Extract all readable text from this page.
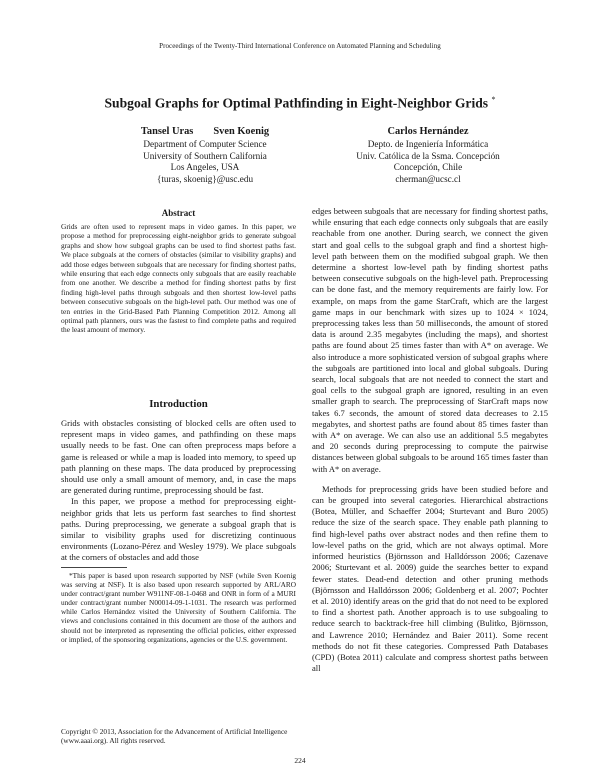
Proceedings of the Twenty-Third International Conference on Automated Planning and Scheduling
Subgoal Graphs for Optimal Pathfinding in Eight-Neighbor Grids *
Tansel Uras Sven Koenig
Department of Computer Science
University of Southern California
Los Angeles, USA
{turas, skoenig}@usc.edu
Carlos Hernández
Depto. de Ingeniería Informática
Univ. Católica de la Ssma. Concepción
Concepción, Chile
cherman@ucsc.cl
Abstract
Grids are often used to represent maps in video games. In this paper, we propose a method for preprocessing eight-neighbor grids to generate subgoal graphs and show how subgoal graphs can be used to find shortest paths fast. We place subgoals at the corners of obstacles (similar to visibility graphs) and add those edges between subgoals that are necessary for finding shortest paths, while ensuring that each edge connects only subgoals that are easily reachable from one another. We describe a method for finding shortest paths by first finding high-level paths through subgoals and then shortest low-level paths between consecutive subgoals on the high-level path. Our method was one of ten entries in the Grid-Based Path Planning Competition 2012. Among all optimal path planners, ours was the fastest to find complete paths and required the least amount of memory.
Introduction

Grids with obstacles consisting of blocked cells are often used to represent maps in video games, and pathfinding on these maps usually needs to be fast. One can often preprocess maps before a game is released or while a map is loaded into memory, to speed up path planning on these maps. The data produced by preprocessing should use only a small amount of memory, and, in case the maps are generated during runtime, preprocessing should be fast.

In this paper, we propose a method for preprocessing eight-neighbor grids that lets us perform fast searches to find shortest paths. During preprocessing, we generate a subgoal graph that is similar to visibility graphs used for discretizing continuous environments (Lozano-Pérez and Wesley 1979). We place subgoals at the corners of obstacles and add those

*This paper is based upon research supported by NSF (while Sven Koenig was serving at NSF). It is also based upon research supported by ARL/ARO under contract/grant number W911NF-08-1-0468 and ONR in form of a MURI under contract/grant number N00014-09-1-1031. The research was performed while Carlos Hernández visited the University of Southern California. The views and conclusions contained in this document are those of the authors and should not be interpreted as representing the official policies, either expressed or implied, of the sponsoring organizations, agencies or the U.S. government.

Copyright © 2013, Association for the Advancement of Artificial Intelligence (www.aaai.org). All rights reserved.

edges between subgoals that are necessary for finding shortest paths, while ensuring that each edge connects only subgoals that are easily reachable from one another. During search, we connect the given start and goal cells to the subgoal graph and find a shortest high-level path between them on the modified subgoal graph. We then determine a shortest low-level path by finding shortest paths between consecutive subgoals on the high-level path. Preprocessing can be done fast, and the memory requirements are fairly low. For example, on maps from the game StarCraft, which are the largest game maps in our benchmark with sizes up to 1024 × 1024, preprocessing takes less than 50 milliseconds, the amount of stored data is around 2.35 megabytes (including the maps), and shortest paths are found about 25 times faster than with A* on average. We also introduce a more sophisticated version of subgoal graphs where the subgoals are partitioned into local and global subgoals. During search, local subgoals that are not needed to connect the start and goal cells to the subgoal graph are ignored, resulting in an even smaller graph to search. The preprocessing of StarCraft maps now takes 6.7 seconds, the amount of stored data decreases to 2.15 megabytes, and shortest paths are found about 85 times faster than with A* on average. We can also use an additional 5.5 megabytes and 20 seconds during preprocessing to compute the pairwise distances between global subgoals to be around 165 times faster than with A* on average.

Methods for preprocessing grids have been studied before and can be grouped into several categories. Hierarchical abstractions (Botea, Müller, and Schaeffer 2004; Sturtevant and Buro 2005) reduce the size of the search space. They enable path planning to find high-level paths over abstract nodes and then refine them to low-level paths on the grid, which are not always optimal. More informed heuristics (Björnsson and Halldórsson 2006; Cazenave 2006; Sturtevant et al. 2009) guide the searches better to expand fewer states. Dead-end detection and other pruning methods (Björnsson and Halldórsson 2006; Goldenberg et al. 2007; Pochter et al. 2010) identify areas on the grid that do not need to be explored to find a shortest path. Another approach is to use subgoaling to reduce search to backtrack-free hill climbing (Bulitko, Björnsson, and Lawrence 2010; Hernández and Baier 2011). Some recent methods do not fit these categories. Compressed Path Databases (CPD) (Botea 2011) calculate and compress shortest paths between all

224
